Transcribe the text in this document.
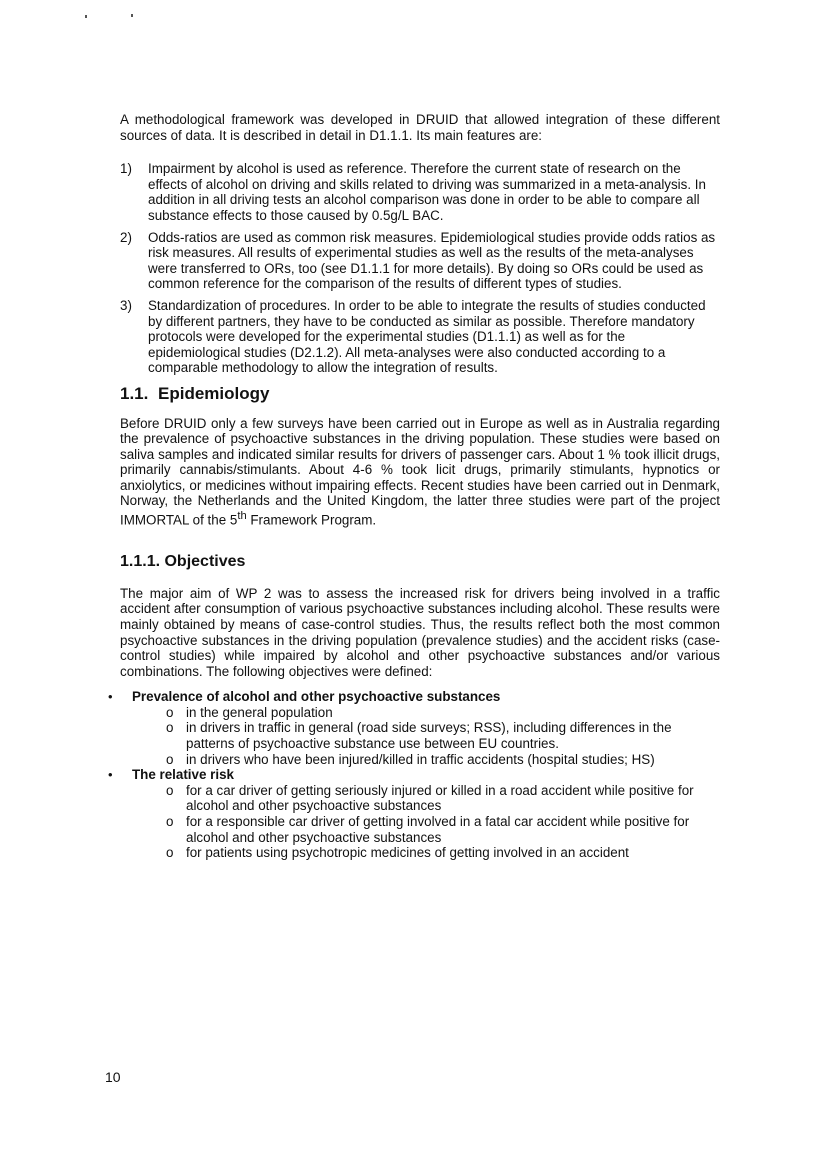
A methodological framework was developed in DRUID that allowed integration of these different sources of data. It is described in detail in D1.1.1. Its main features are:

1) Impairment by alcohol is used as reference. Therefore the current state of research on the effects of alcohol on driving and skills related to driving was summarized in a meta-analysis. In addition in all driving tests an alcohol comparison was done in order to be able to compare all substance effects to those caused by 0.5g/L BAC.
2) Odds-ratios are used as common risk measures. Epidemiological studies provide odds ratios as risk measures. All results of experimental studies as well as the results of the meta-analyses were transferred to ORs, too (see D1.1.1 for more details). By doing so ORs could be used as common reference for the comparison of the results of different types of studies.
3) Standardization of procedures. In order to be able to integrate the results of studies conducted by different partners, they have to be conducted as similar as possible. Therefore mandatory protocols were developed for the experimental studies (D1.1.1) as well as for the epidemiological studies (D2.1.2). All meta-analyses were also conducted according to a comparable methodology to allow the integration of results.
1.1. Epidemiology

Before DRUID only a few surveys have been carried out in Europe as well as in Australia regarding the prevalence of psychoactive substances in the driving population. These studies were based on saliva samples and indicated similar results for drivers of passenger cars. About 1 % took illicit drugs, primarily cannabis/stimulants. About 4-6 % took licit drugs, primarily stimulants, hypnotics or anxiolytics, or medicines without impairing effects. Recent studies have been carried out in Denmark, Norway, the Netherlands and the United Kingdom, the latter three studies were part of the project IMMORTAL of the 5th Framework Program.

1.1.1. Objectives

The major aim of WP 2 was to assess the increased risk for drivers being involved in a traffic accident after consumption of various psychoactive substances including alcohol. These results were mainly obtained by means of case-control studies. Thus, the results reflect both the most common psychoactive substances in the driving population (prevalence studies) and the accident risks (case-control studies) while impaired by alcohol and other psychoactive substances and/or various combinations. The following objectives were defined:

• Prevalence of alcohol and other psychoactive substances
o in the general population
o in drivers in traffic in general (road side surveys; RSS), including differences in the patterns of psychoactive substance use between EU countries.
o in drivers who have been injured/killed in traffic accidents (hospital studies; HS)
• The relative risk
o for a car driver of getting seriously injured or killed in a road accident while positive for alcohol and other psychoactive substances
o for a responsible car driver of getting involved in a fatal car accident while positive for alcohol and other psychoactive substances
o for patients using psychotropic medicines of getting involved in an accident
10
